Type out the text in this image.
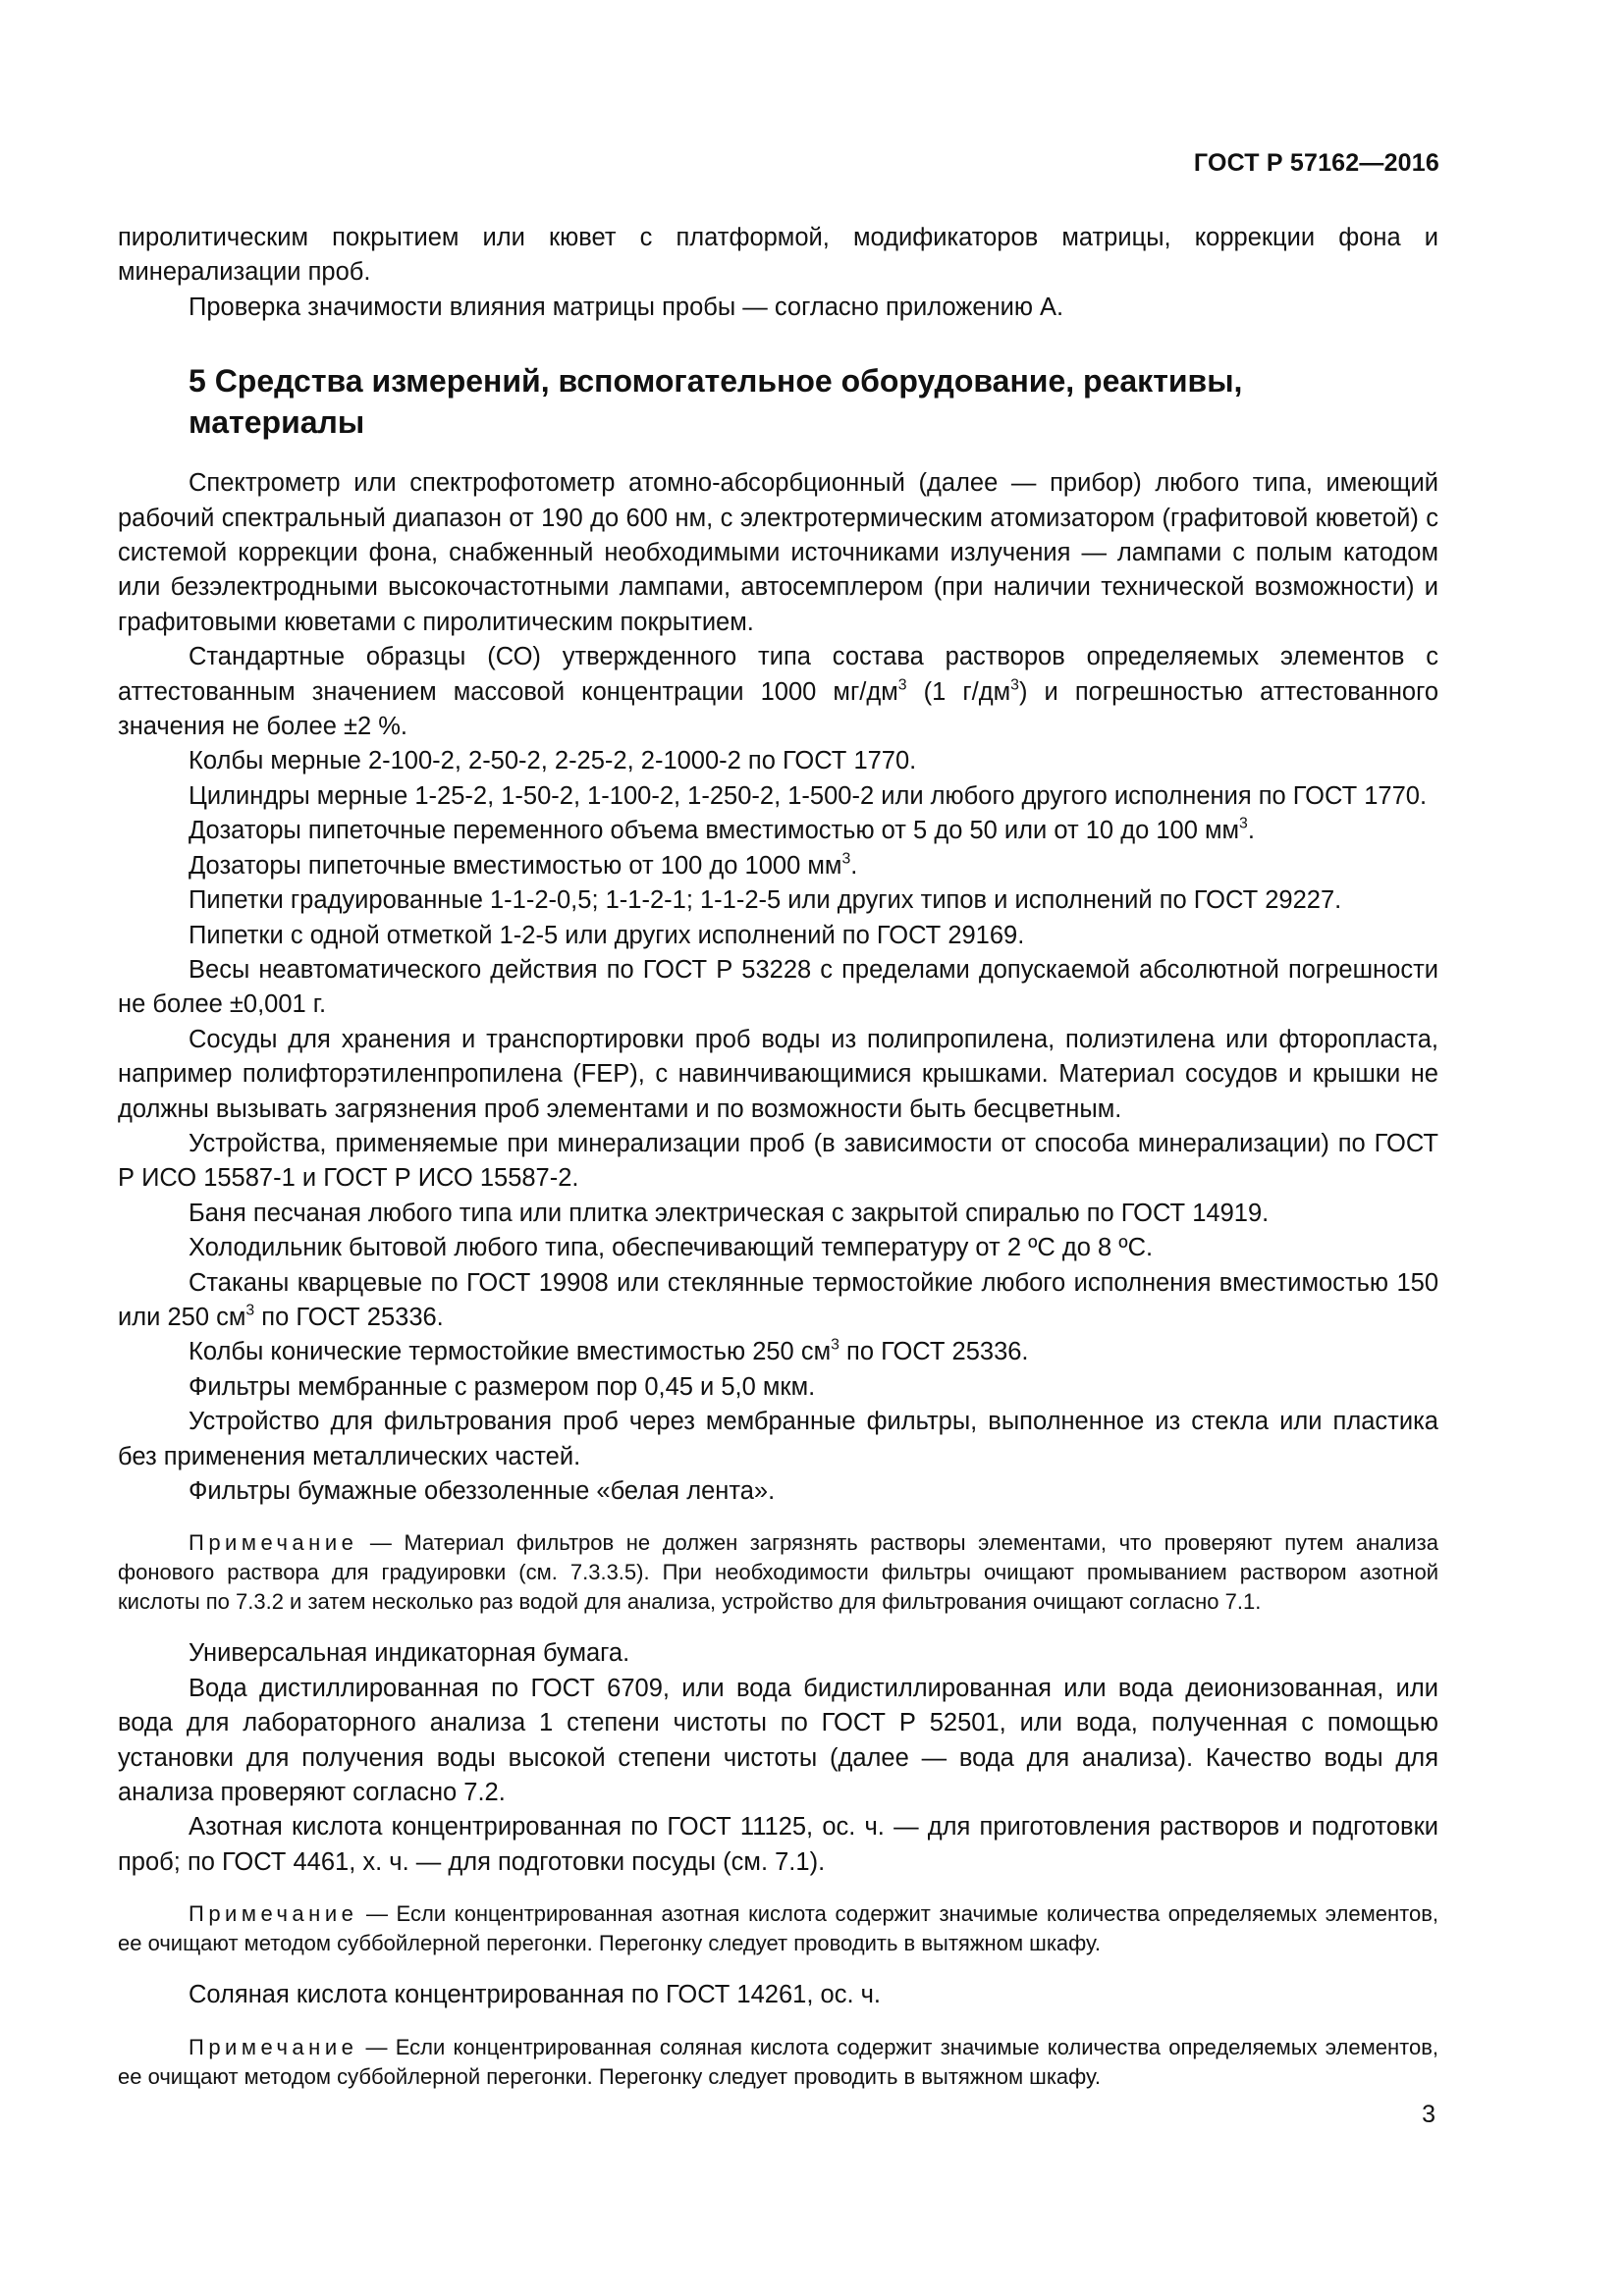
ГОСТ Р 57162—2016

пиролитическим покрытием или кювет с платформой, модификаторов матрицы, коррекции фона и минерализации проб.

Проверка значимости влияния матрицы пробы — согласно приложению А.

5 Средства измерений, вспомогательное оборудование, реактивы, материалы

Спектрометр или спектрофотометр атомно-абсорбционный (далее — прибор) любого типа, имеющий рабочий спектральный диапазон от 190 до 600 нм, с электротермическим атомизатором (графитовой кюветой) с системой коррекции фона, снабженный необходимыми источниками излучения — лампами с полым катодом или безэлектродными высокочастотными лампами, автосемплером (при наличии технической возможности) и графитовыми кюветами с пиролитическим покрытием.

Стандартные образцы (СО) утвержденного типа состава растворов определяемых элементов с аттестованным значением массовой концентрации 1000 $мг/дм^3$ (1 $г/дм^3$) и погрешностью аттестованного значения не более ±2 %.

Колбы мерные 2-100-2, 2-50-2, 2-25-2, 2-1000-2 по ГОСТ 1770.

Цилиндры мерные 1-25-2, 1-50-2, 1-100-2, 1-250-2, 1-500-2 или любого другого исполнения по ГОСТ 1770.

Дозаторы пипеточные переменного объема вместимостью от 5 до 50 или от 10 до 100 $мм^3$.

Дозаторы пипеточные вместимостью от 100 до 1000 $мм^3$.

Пипетки градуированные 1-1-2-0,5; 1-1-2-1; 1-1-2-5 или других типов и исполнений по ГОСТ 29227.

Пипетки с одной отметкой 1-2-5 или других исполнений по ГОСТ 29169.

Весы неавтоматического действия по ГОСТ Р 53228 с пределами допускаемой абсолютной погрешности не более ±0,001 г.

Сосуды для хранения и транспортировки проб воды из полипропилена, полиэтилена или фторопласта, например полифторэтиленпропилена (FEP), с навинчивающимися крышками. Материал сосудов и крышки не должны вызывать загрязнения проб элементами и по возможности быть бесцветным.

Устройства, применяемые при минерализации проб (в зависимости от способа минерализации) по ГОСТ Р ИСО 15587-1 и ГОСТ Р ИСО 15587-2.

Баня песчаная любого типа или плитка электрическая с закрытой спиралью по ГОСТ 14919.

Холодильник бытовой любого типа, обеспечивающий температуру от 2 ºC до 8 ºC.

Стаканы кварцевые по ГОСТ 19908 или стеклянные термостойкие любого исполнения вместимостью 150 или 250 $см^3$ по ГОСТ 25336.

Колбы конические термостойкие вместимостью 250 $см^3$ по ГОСТ 25336.

Фильтры мембранные с размером пор 0,45 и 5,0 мкм.

Устройство для фильтрования проб через мембранные фильтры, выполненное из стекла или пластика без применения металлических частей.

Фильтры бумажные обеззоленные «белая лента».

Примечание — Материал фильтров не должен загрязнять растворы элементами, что проверяют путем анализа фонового раствора для градуировки (см. 7.3.3.5). При необходимости фильтры очищают промыванием раствором азотной кислоты по 7.3.2 и затем несколько раз водой для анализа, устройство для фильтрования очищают согласно 7.1.

Универсальная индикаторная бумага.

Вода дистиллированная по ГОСТ 6709, или вода бидистиллированная или вода деионизованная, или вода для лабораторного анализа 1 степени чистоты по ГОСТ Р 52501, или вода, полученная с помощью установки для получения воды высокой степени чистоты (далее — вода для анализа). Качество воды для анализа проверяют согласно 7.2.

Азотная кислота концентрированная по ГОСТ 11125, ос. ч. — для приготовления растворов и подготовки проб; по ГОСТ 4461, х. ч. — для подготовки посуды (см. 7.1).

Примечание — Если концентрированная азотная кислота содержит значимые количества определяемых элементов, ее очищают методом суббойлерной перегонки. Перегонку следует проводить в вытяжном шкафу.

Соляная кислота концентрированная по ГОСТ 14261, ос. ч.

Примечание — Если концентрированная соляная кислота содержит значимые количества определяемых элементов, ее очищают методом суббойлерной перегонки. Перегонку следует проводить в вытяжном шкафу.

3
